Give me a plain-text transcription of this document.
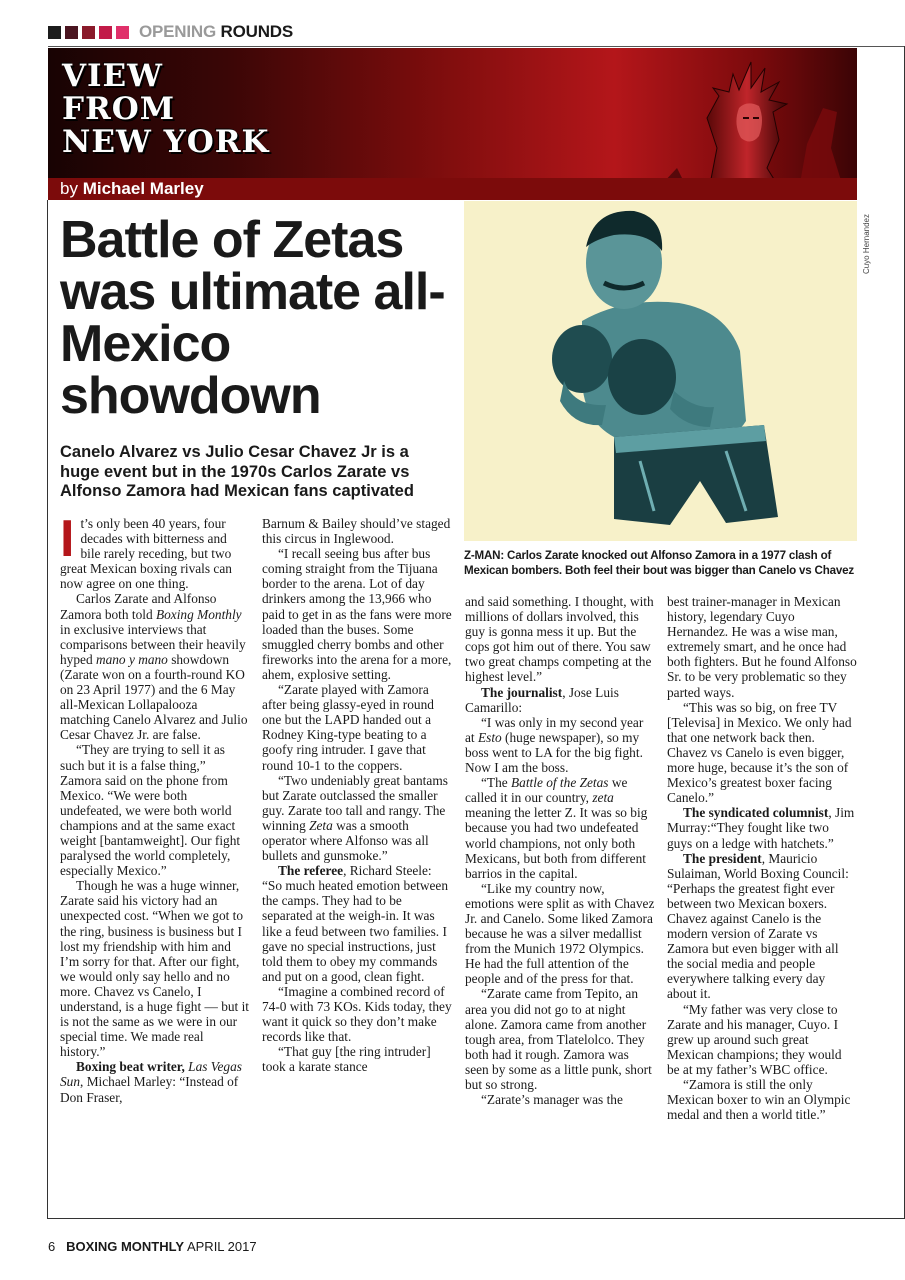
OPENING ROUNDS
VIEW
FROM
NEW YORK
by Michael Marley
Battle of Zetas was ultimate all-Mexico showdown
Canelo Alvarez vs Julio Cesar Chavez Jr is a huge event but in the 1970s Carlos Zarate vs Alfonso Zamora had Mexican fans captivated
Cuyo Hernandez
Z-MAN: Carlos Zarate knocked out Alfonso Zamora in a 1977 clash of Mexican bombers. Both feel their bout was bigger than Canelo vs Chavez

It’s only been 40 years, four decades with bitterness and bile rarely receding, but two great Mexican boxing rivals can now agree on one thing.

Carlos Zarate and Alfonso Zamora both told Boxing Monthly in exclusive interviews that comparisons between their heavily hyped mano y mano showdown (Zarate won on a fourth-round KO on 23 April 1977) and the 6 May all-Mexican Lollapalooza matching Canelo Alvarez and Julio Cesar Chavez Jr. are false.

“They are trying to sell it as such but it is a false thing,” Zamora said on the phone from Mexico. “We were both undefeated, we were both world champions and at the same exact weight [bantamweight]. Our fight paralysed the world completely, especially Mexico.”

Though he was a huge winner, Zarate said his victory had an unexpected cost. “When we got to the ring, business is business but I lost my friendship with him and I’m sorry for that. After our fight, we would only say hello and no more. Chavez vs Canelo, I understand, is a huge fight — but it is not the same as we were in our special time. We made real history.”

Boxing beat writer, Las Vegas Sun, Michael Marley: “Instead of Don Fraser,

Barnum & Bailey should’ve staged this circus in Inglewood.

“I recall seeing bus after bus coming straight from the Tijuana border to the arena. Lot of day drinkers among the 13,966 who paid to get in as the fans were more loaded than the buses. Some smuggled cherry bombs and other fireworks into the arena for a more, ahem, explosive setting.

“Zarate played with Zamora after being glassy-eyed in round one but the LAPD handed out a Rodney King-type beating to a goofy ring intruder. I gave that round 10-1 to the coppers.

“Two undeniably great bantams but Zarate outclassed the smaller guy. Zarate too tall and rangy. The winning Zeta was a smooth operator where Alfonso was all bullets and gunsmoke.”

The referee, Richard Steele: “So much heated emotion between the camps. They had to be separated at the weigh-in. It was like a feud between two families. I gave no special instructions, just told them to obey my commands and put on a good, clean fight.

“Imagine a combined record of 74-0 with 73 KOs. Kids today, they want it quick so they don’t make records like that.

“That guy [the ring intruder] took a karate stance

and said something. I thought, with millions of dollars involved, this guy is gonna mess it up. But the cops got him out of there. You saw two great champs competing at the highest level.”

The journalist, Jose Luis Camarillo:

“I was only in my second year at Esto (huge newspaper), so my boss went to LA for the big fight. Now I am the boss.

“The Battle of the Zetas we called it in our country, zeta meaning the letter Z. It was so big because you had two undefeated world champions, not only both Mexicans, but both from different barrios in the capital.

“Like my country now, emotions were split as with Chavez Jr. and Canelo. Some liked Zamora because he was a silver medallist from the Munich 1972 Olympics. He had the full attention of the people and of the press for that.

“Zarate came from Tepito, an area you did not go to at night alone. Zamora came from another tough area, from Tlatelolco. They both had it rough. Zamora was seen by some as a little punk, short but so strong.

“Zarate’s manager was the

best trainer-manager in Mexican history, legendary Cuyo Hernandez. He was a wise man, extremely smart, and he once had both fighters. But he found Alfonso Sr. to be very problematic so they parted ways.

“This was so big, on free TV [Televisa] in Mexico. We only had that one network back then. Chavez vs Canelo is even bigger, more huge, because it’s the son of Mexico’s greatest boxer facing Canelo.”

The syndicated columnist, Jim Murray:“They fought like two guys on a ledge with hatchets.”

The president, Mauricio Sulaiman, World Boxing Council: “Perhaps the greatest fight ever between two Mexican boxers. Chavez against Canelo is the modern version of Zarate vs Zamora but even bigger with all the social media and people everywhere talking every day about it.

“My father was very close to Zarate and his manager, Cuyo. I grew up around such great Mexican champions; they would be at my father’s WBC office.

“Zamora is still the only Mexican boxer to win an Olympic medal and then a world title.”

6 BOXING MONTHLY APRIL 2017
